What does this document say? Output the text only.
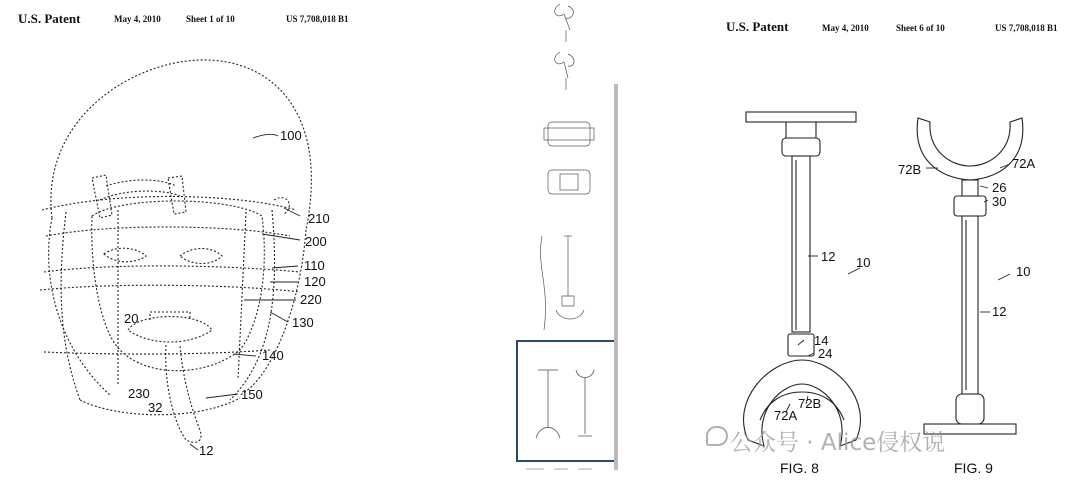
U.S. Patent	May 4, 2010	Sheet 1 of 10	US 7,708,018 B1
100
210
200
110
120
220
130
20
140
150
230
32
12
U.S. Patent	May 4, 2010	Sheet 6 of 10	US 7,708,018 B1
12 10
14
24
72A
72B
FIG. 8
72B	72A
26
30
10
12
FIG. 9
公众号 · Alice侵权说
